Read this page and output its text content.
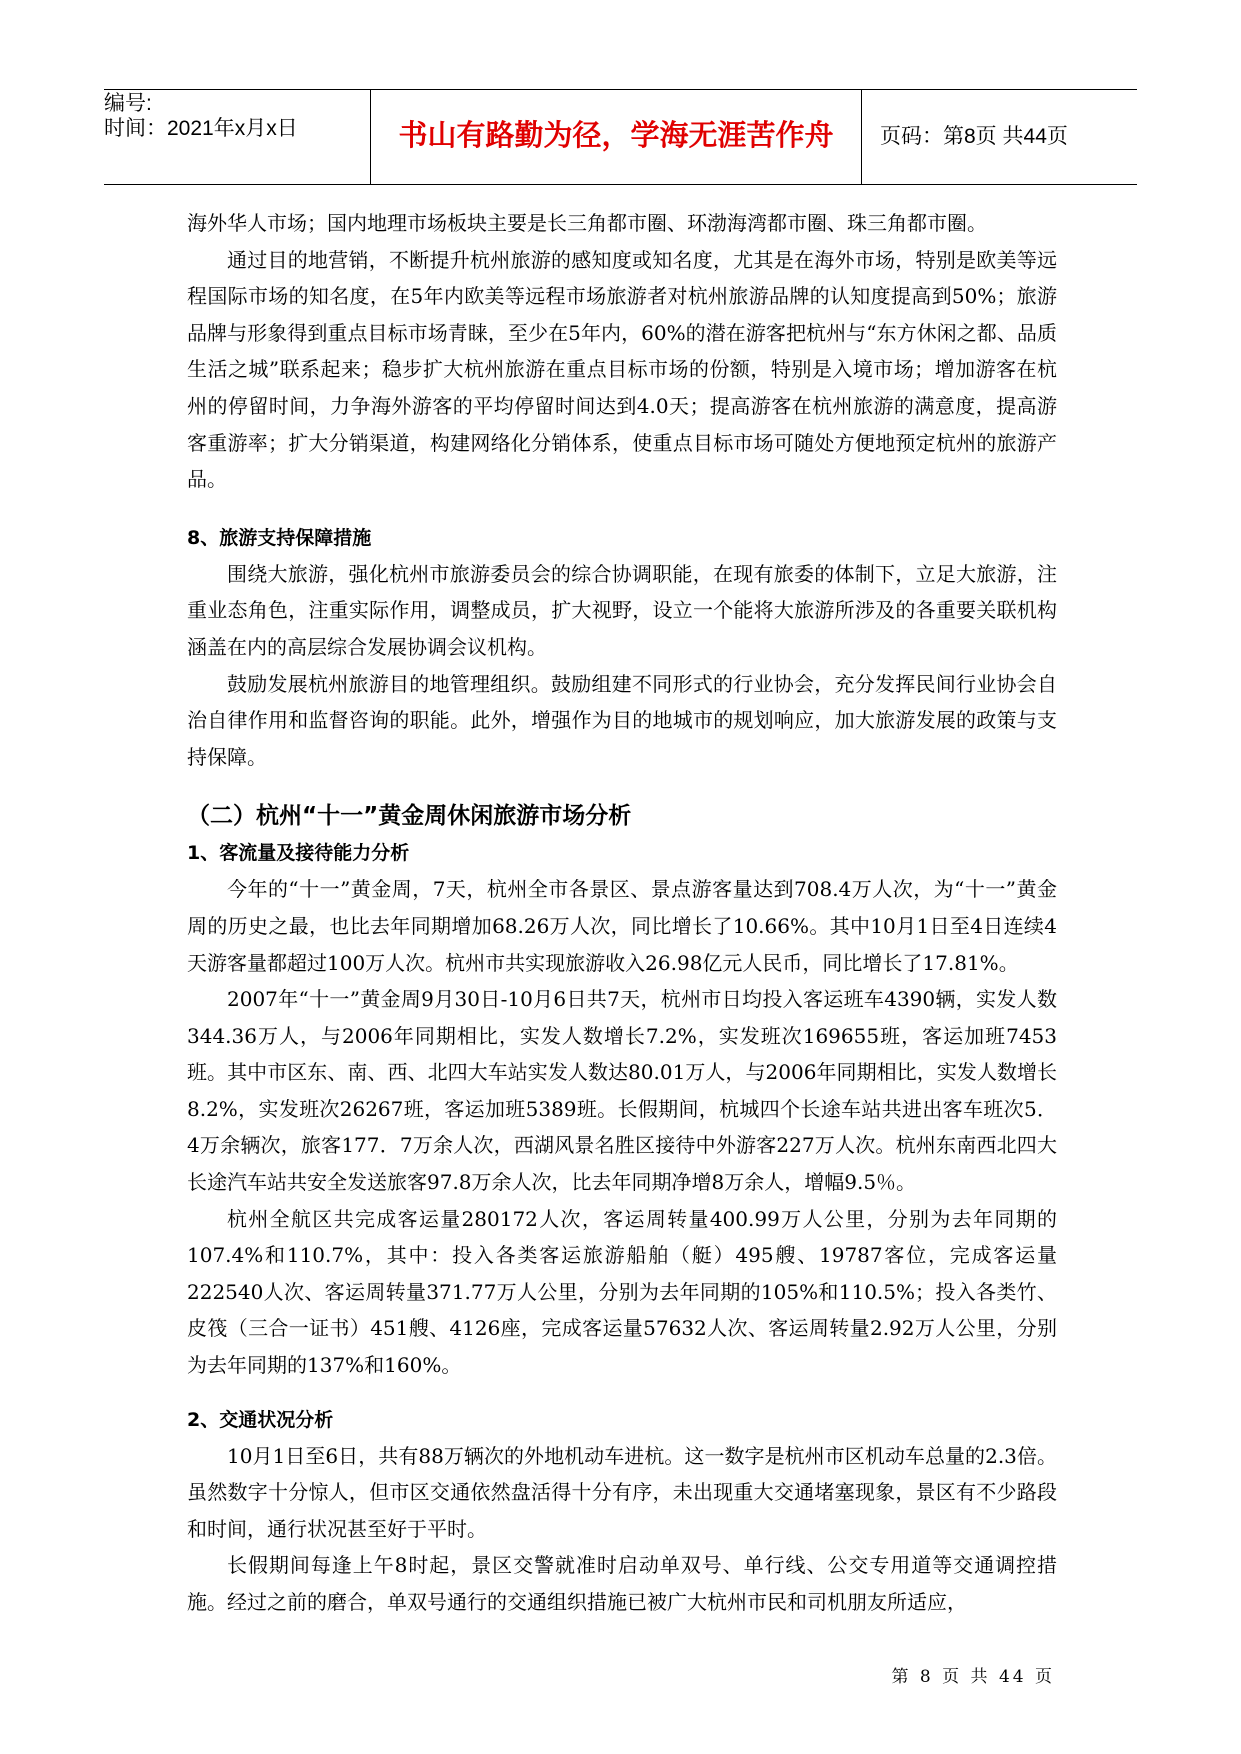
编号:
时间：2021年x月x日	书山有路勤为径，学海无涯苦作舟	页码：第8页 共44页

海外华人市场；国内地理市场板块主要是长三角都市圈、环渤海湾都市圈、珠三角都市圈。

通过目的地营销，不断提升杭州旅游的感知度或知名度，尤其是在海外市场，特别是欧美等远程国际市场的知名度，在5年内欧美等远程市场旅游者对杭州旅游品牌的认知度提高到50%；旅游品牌与形象得到重点目标市场青睐，至少在5年内，60%的潜在游客把杭州与“东方休闲之都、品质生活之城”联系起来；稳步扩大杭州旅游在重点目标市场的份额，特别是入境市场；增加游客在杭州的停留时间，力争海外游客的平均停留时间达到4.0天；提高游客在杭州旅游的满意度，提高游客重游率；扩大分销渠道，构建网络化分销体系，使重点目标市场可随处方便地预定杭州的旅游产品。

8、旅游支持保障措施

围绕大旅游，强化杭州市旅游委员会的综合协调职能，在现有旅委的体制下，立足大旅游，注重业态角色，注重实际作用，调整成员，扩大视野，设立一个能将大旅游所涉及的各重要关联机构涵盖在内的高层综合发展协调会议机构。

鼓励发展杭州旅游目的地管理组织。鼓励组建不同形式的行业协会，充分发挥民间行业协会自治自律作用和监督咨询的职能。此外，增强作为目的地城市的规划响应，加大旅游发展的政策与支持保障。

（二）杭州“十一”黄金周休闲旅游市场分析
1、客流量及接待能力分析

今年的“十一”黄金周，7天，杭州全市各景区、景点游客量达到708.4万人次，为“十一”黄金周的历史之最，也比去年同期增加68.26万人次，同比增长了10.66%。其中10月1日至4日连续4天游客量都超过100万人次。杭州市共实现旅游收入26.98亿元人民币，同比增长了17.81%。

2007年“十一”黄金周9月30日-10月6日共7天，杭州市日均投入客运班车4390辆，实发人数344.36万人，与2006年同期相比，实发人数增长7.2%，实发班次169655班，客运加班7453班。其中市区东、南、西、北四大车站实发人数达80.01万人，与2006年同期相比，实发人数增长8.2%，实发班次26267班，客运加班5389班。长假期间，杭城四个长途车站共进出客车班次5．4万余辆次，旅客177．7万余人次，西湖风景名胜区接待中外游客227万人次。杭州东南西北四大长途汽车站共安全发送旅客97.8万余人次，比去年同期净增8万余人，增幅9.5％。

杭州全航区共完成客运量280172人次，客运周转量400.99万人公里，分别为去年同期的107.4%和110.7%，其中：投入各类客运旅游船舶（艇）495艘、19787客位，完成客运量222540人次、客运周转量371.77万人公里，分别为去年同期的105%和110.5%；投入各类竹、皮筏（三合一证书）451艘、4126座，完成客运量57632人次、客运周转量2.92万人公里，分别为去年同期的137%和160%。

2、交通状况分析

10月1日至6日，共有88万辆次的外地机动车进杭。这一数字是杭州市区机动车总量的2.3倍。虽然数字十分惊人，但市区交通依然盘活得十分有序，未出现重大交通堵塞现象，景区有不少路段和时间，通行状况甚至好于平时。

长假期间每逢上午8时起，景区交警就准时启动单双号、单行线、公交专用道等交通调控措施。经过之前的磨合，单双号通行的交通组织措施已被广大杭州市民和司机朋友所适应，

第 8 页 共 44 页
